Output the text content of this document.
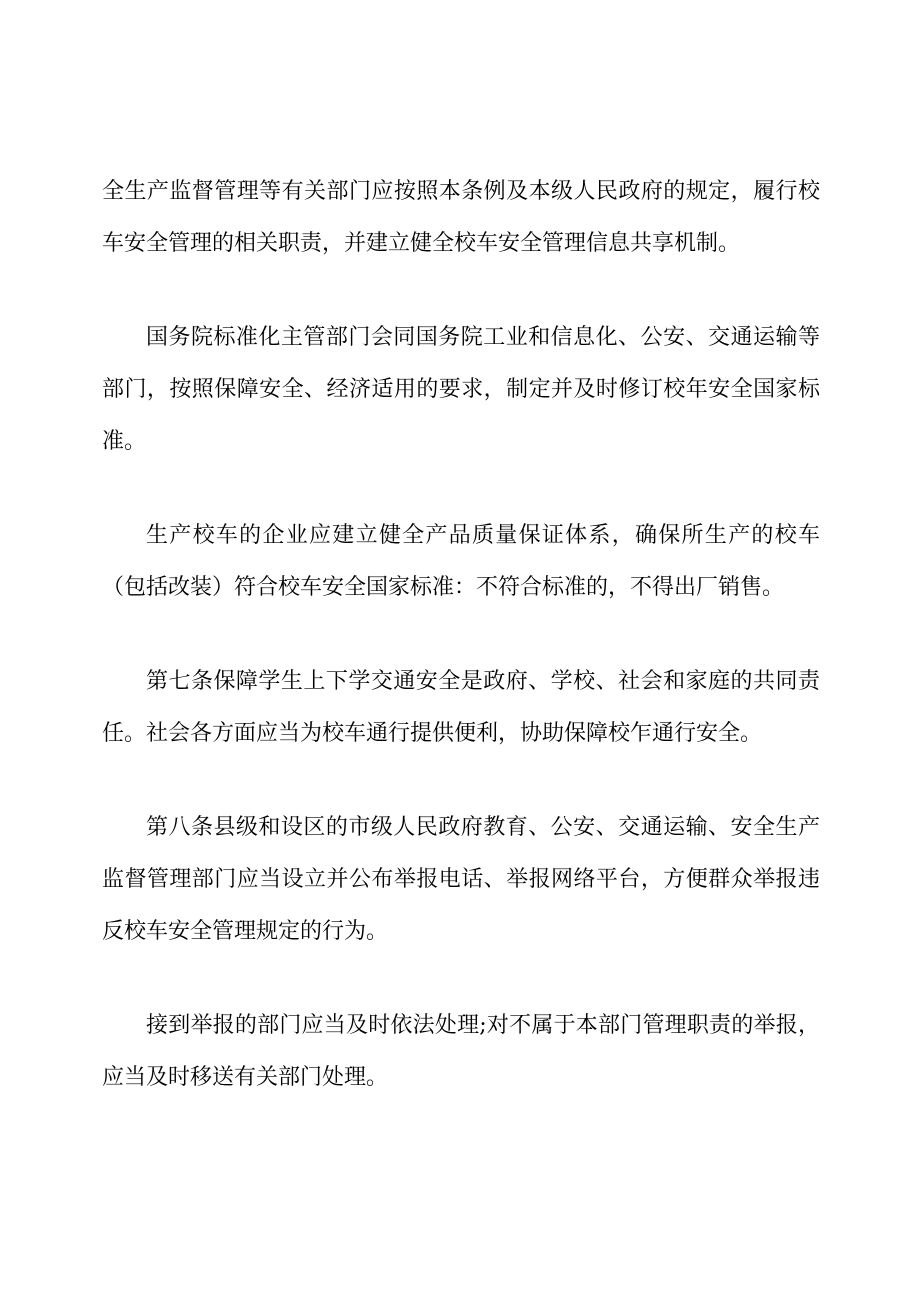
全生产监督管理等有关部门应按照本条例及本级人民政府的规定，履行校车安全管理的相关职责，并建立健全校车安全管理信息共享机制。

国务院标准化主管部门会同国务院工业和信息化、公安、交通运输等部门，按照保障安全、经济适用的要求，制定并及时修订校年安全国家标准。

生产校车的企业应建立健全产品质量保证体系，确保所生产的校车（包括改装）符合校车安全国家标准：不符合标准的，不得出厂销售。

第七条保障学生上下学交通安全是政府、学校、社会和家庭的共同责任。社会各方面应当为校车通行提供便利，协助保障校乍通行安全。

第八条县级和设区的市级人民政府教育、公安、交通运输、安全生产监督管理部门应当设立并公布举报电话、举报网络平台，方便群众举报违反校车安全管理规定的行为。

接到举报的部门应当及时依法处理;对不属于本部门管理职责的举报，应当及时移送有关部门处理。
